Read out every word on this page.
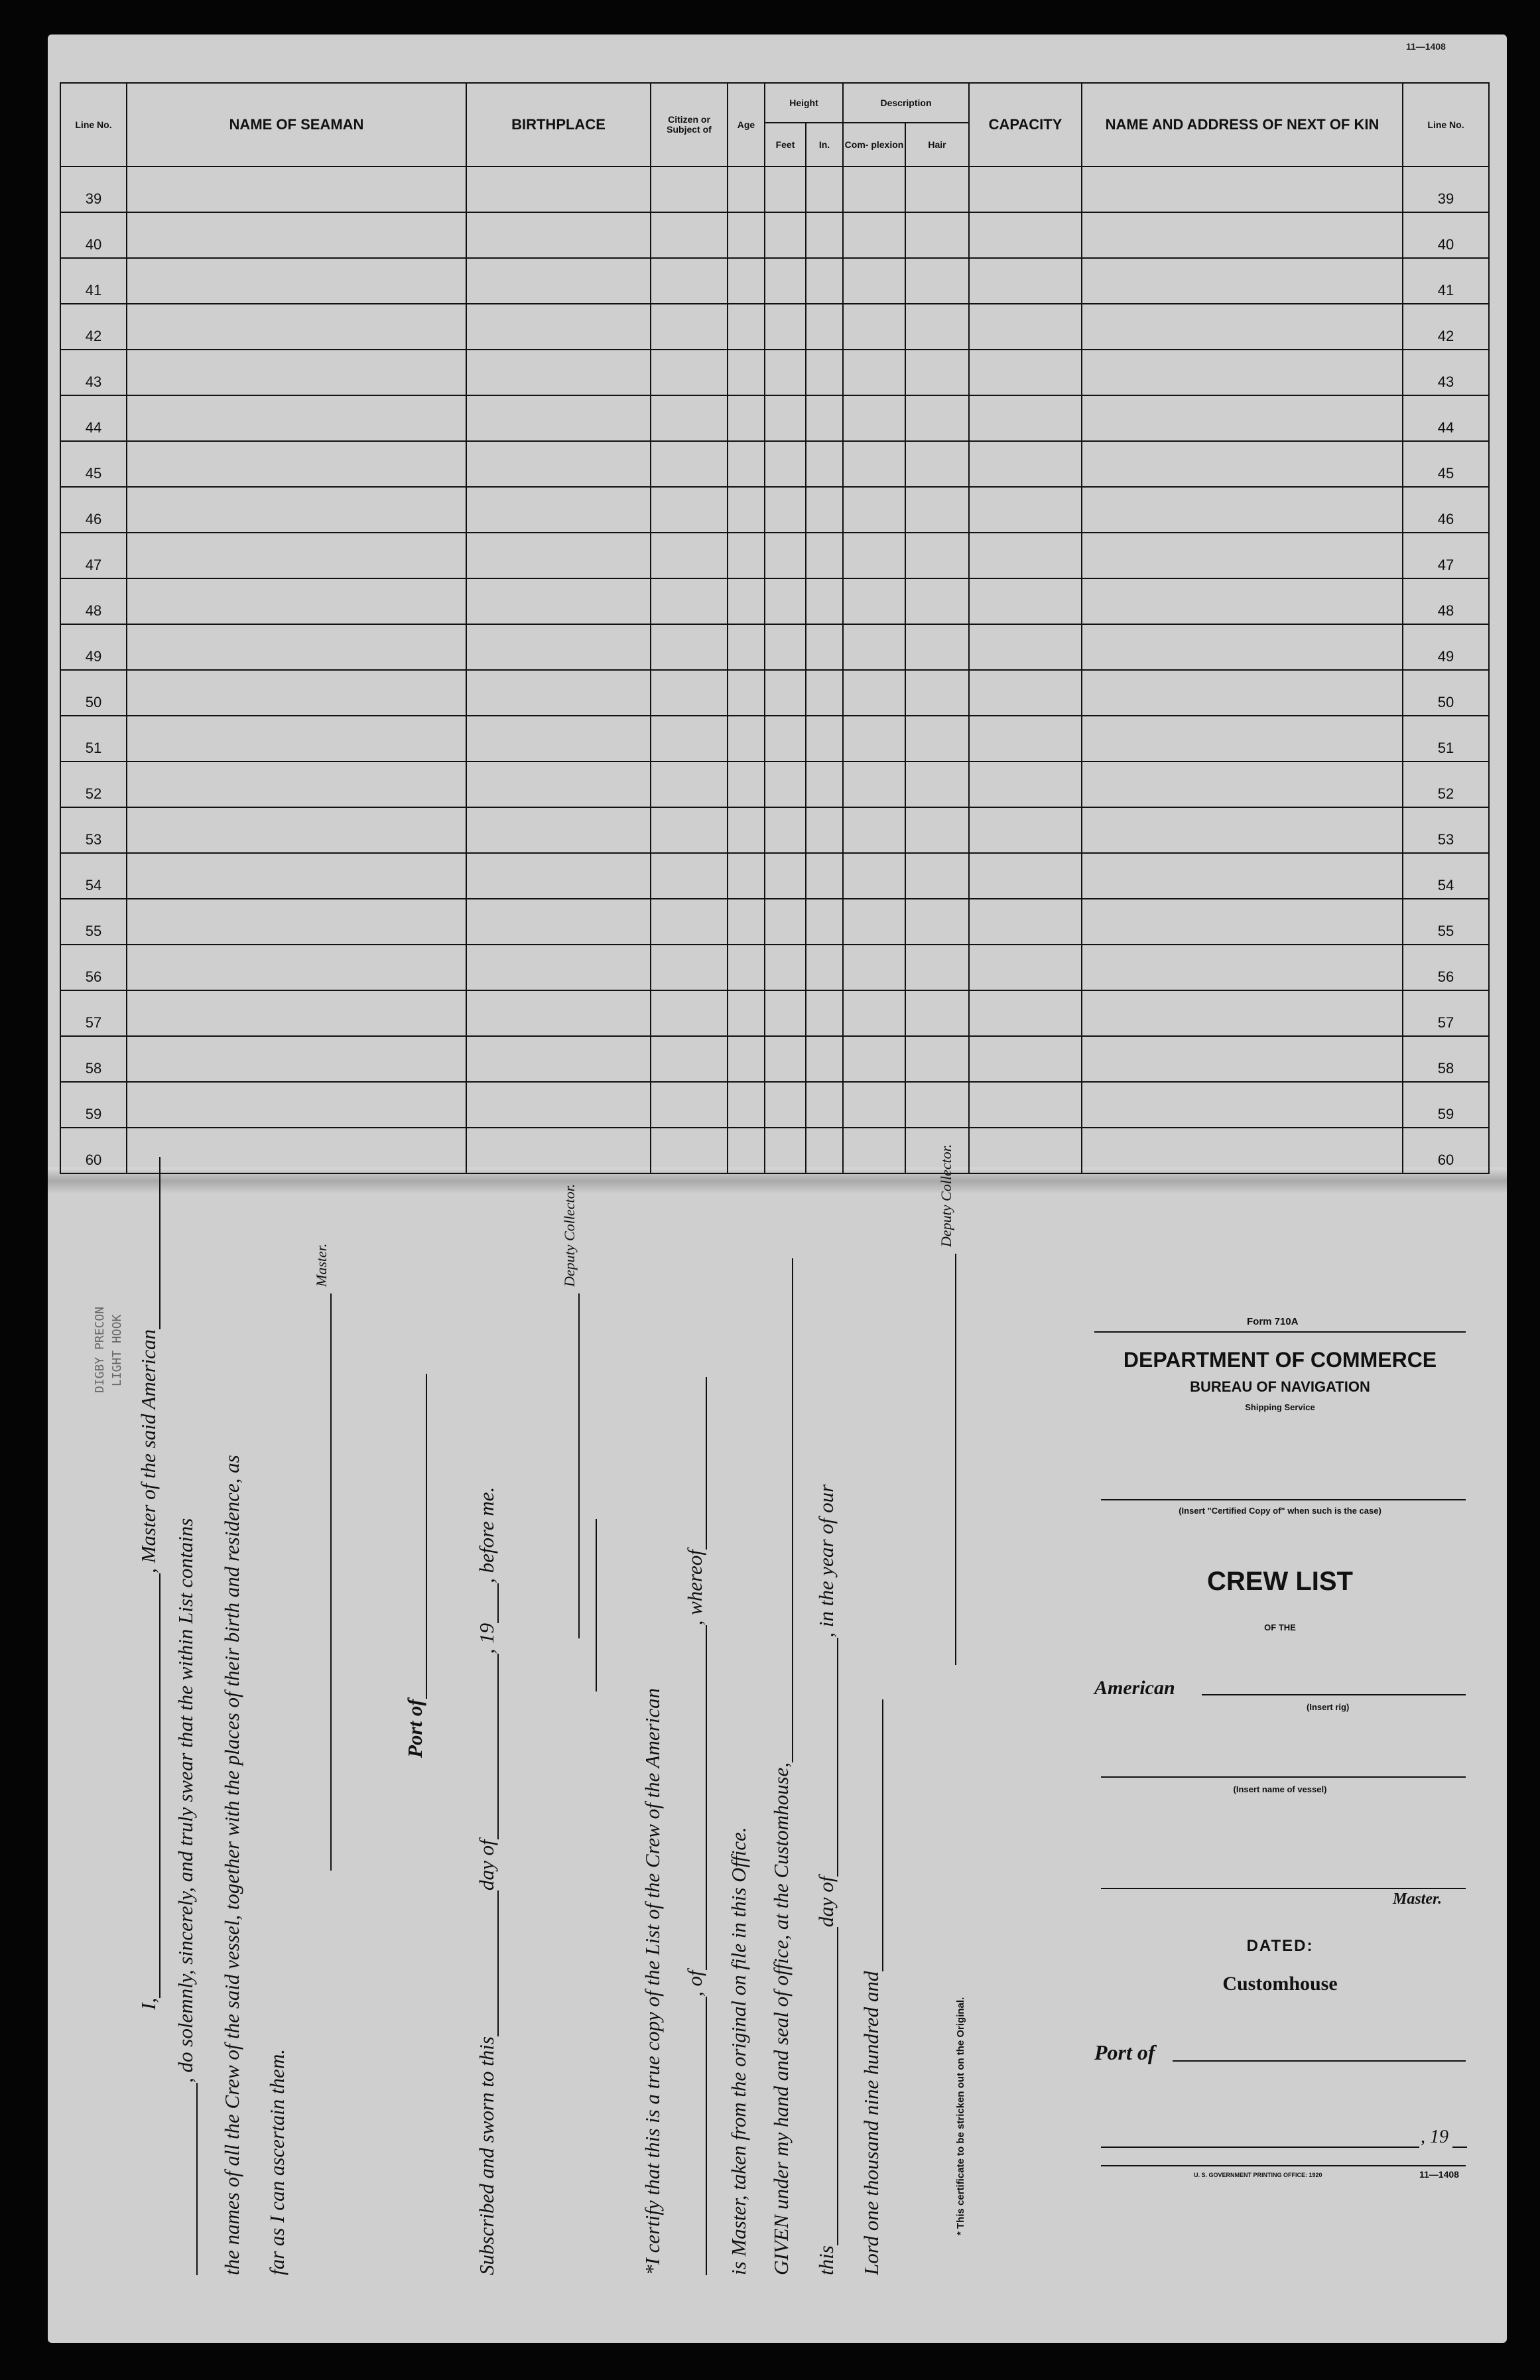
11—1408
Line No.	NAME OF SEAMAN	BIRTHPLACE	Citizen or Subject of	Age	Height		Description		CAPACITY	NAME AND ADDRESS OF NEXT OF KIN	Line No.
					Feet	In.	Com- plexion	Hair			
39											39
40											40
41											41
42											42
43											43
44											44
45											45
46											46
47											47
48											48
49											49
50											50
51											51
52											52
53											53
54											54
55											55
56											56
57											57
58											58
59											59
60											60
I,, Master of the said American
, do solemnly, sincerely, and truly swear that the within List contains the names of all the Crew of the said vessel, together with the places of their birth and residence, as far as I can ascertain them.
Master.
Port of
Subscribed and sworn to thisday of, 19, before me.
Deputy Collector.
*I certify that this is a true copy of the List of the Crew of the American , of, whereof
is Master, taken from the original on file in this Office. GIVEN under my hand and seal of office, at the Customhouse, thisday of, in the year of our
Lord one thousand nine hundred and
Deputy Collector.
* This certificate to be stricken out on the Original.
DIGBY PRECON LIGHT HOOK	Form 710A
DEPARTMENT OF COMMERCE
BUREAU OF NAVIGATION
Shipping Service
(Insert "Certified Copy of" when such is the case)
CREW LIST
OF THE
American
(Insert rig)
(Insert name of vessel)
Master.
DATED:
Customhouse
Port of
, 19
U. S. GOVERNMENT PRINTING OFFICE: 1920	11—1408
